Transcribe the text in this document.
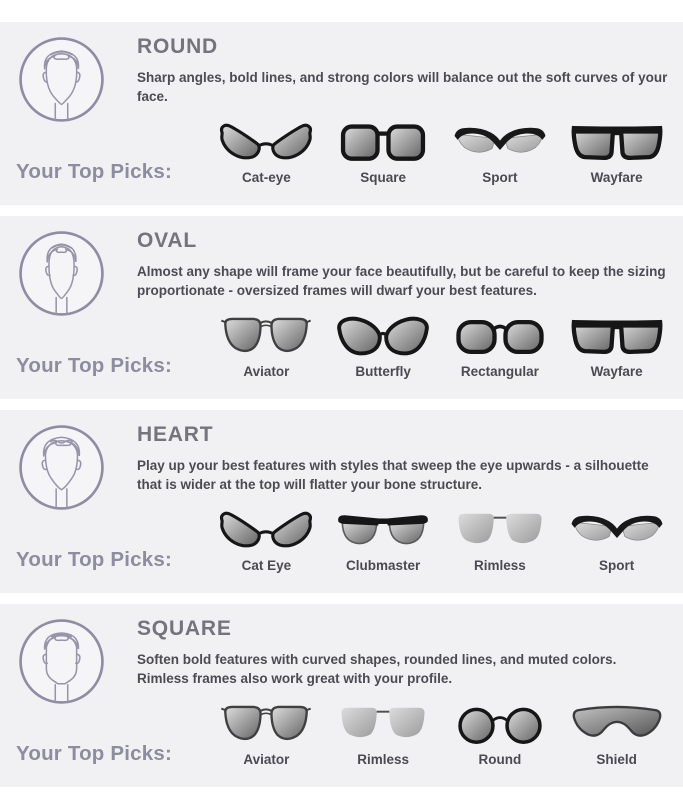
ROUND

Sharp angles, bold lines, and strong colors will balance out the soft curves of your face.

Your Top Picks:	Cat-eye	Square	Sport	Wayfare
OVAL

Almost any shape will frame your face beautifully, but be careful to keep the sizing proportionate - oversized frames will dwarf your best features.

Your Top Picks:	Aviator	Butterfly	Rectangular	Wayfare
HEART

Play up your best features with styles that sweep the eye upwards - a silhouette that is wider at the top will flatter your bone structure.

Your Top Picks:	Cat Eye	Clubmaster	Rimless	Sport
SQUARE

Soften bold features with curved shapes, rounded lines, and muted colors. Rimless frames also work great with your profile.

Your Top Picks:	Aviator	Rimless	Round	Shield
